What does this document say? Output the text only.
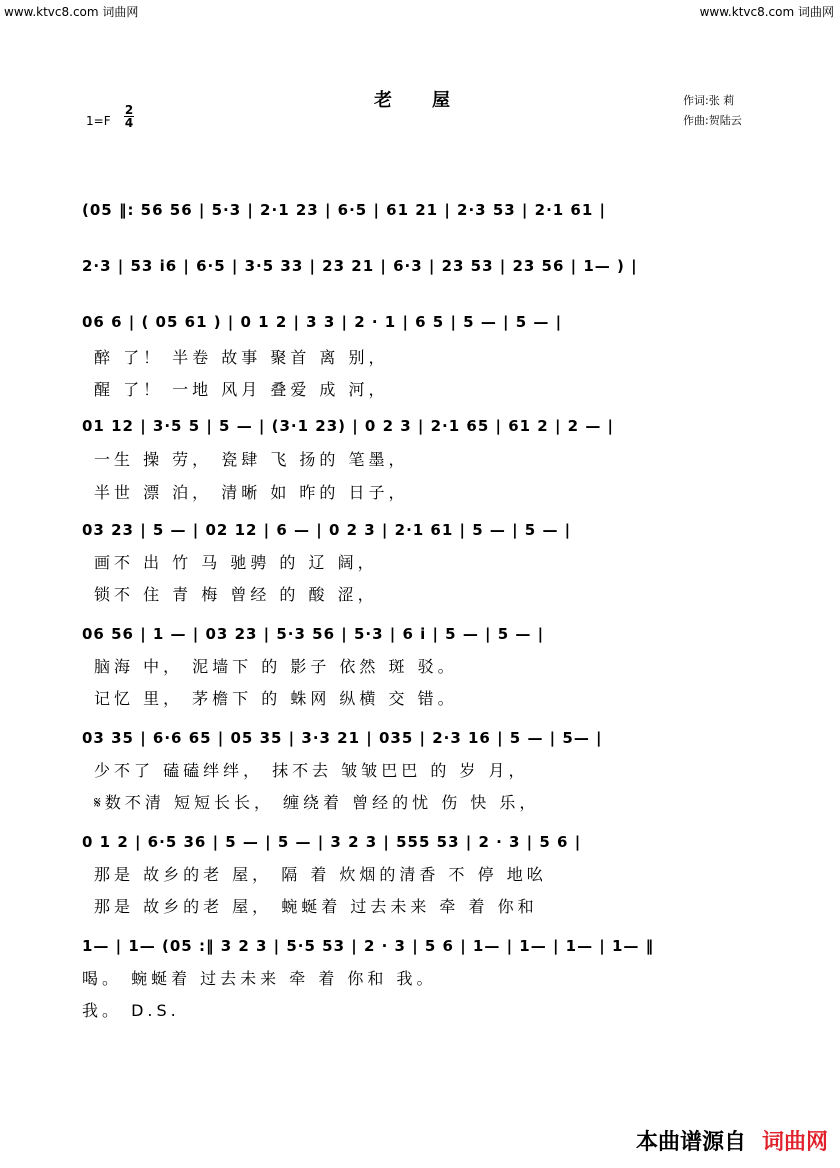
www.ktvc8.com 词曲网	www.ktvc8.com 词曲网
老屋
1=F
2
4
作词:张 莉
作曲:贺陆云
(05 ‖: 56 56 | 5·3 | 2·1 23 | 6·5 | 61 21 | 2·3 53 | 2·1 61 |
2·3 | 53 i6 | 6·5 | 3·5 33 | 23 21 | 6·3 | 23 53 | 23 56 | 1— ) |
06 6 | ( 05 61 ) | 0 1 2 | 3 3 | 2 · 1 | 6 5 | 5 — | 5 — |
醉 了！ 半卷 故事 聚首 离 别，
醒 了！ 一地 风月 叠爱 成 河，
01 12 | 3·5 5 | 5 — | (3·1 23) | 0 2 3 | 2·1 65 | 61 2 | 2 — |
一生 操 劳， 瓷肆 飞 扬的 笔墨，
半世 漂 泊， 清晰 如 昨的 日子，
03 23 | 5 — | 02 12 | 6 — | 0 2 3 | 2·1 61 | 5 — | 5 — |
画不 出 竹 马 驰骋 的 辽 阔，
锁不 住 青 梅 曾经 的 酸 涩，
06 56 | 1 — | 03 23 | 5·3 56 | 5·3 | 6 i | 5 — | 5 — |
脑海 中， 泥墙下 的 影子 依然 斑 驳。
记忆 里， 茅檐下 的 蛛网 纵横 交 错。
03 35 | 6·6 65 | 05 35 | 3·3 21 | 035 | 2·3 16 | 5 — | 5— |
少不了 磕磕绊绊， 抹不去 皱皱巴巴 的 岁 月，
𝄋数不清 短短长长， 缠绕着 曾经的忧 伤 快 乐，
0 1 2 | 6·5 36 | 5 — | 5 — | 3 2 3 | 555 53 | 2 · 3 | 5 6 |
那是 故乡的老 屋， 隔 着 炊烟的清香 不 停 地吆
那是 故乡的老 屋， 蜿蜒着 过去未来 牵 着 你和
1— | 1— (05 :‖ 3 2 3 | 5·5 53 | 2 · 3 | 5 6 | 1— | 1— | 1— | 1— ‖
喝。 蜿蜒着 过去未来 牵 着 你和 我。
我。 D.S.
本曲谱源自 词曲网
